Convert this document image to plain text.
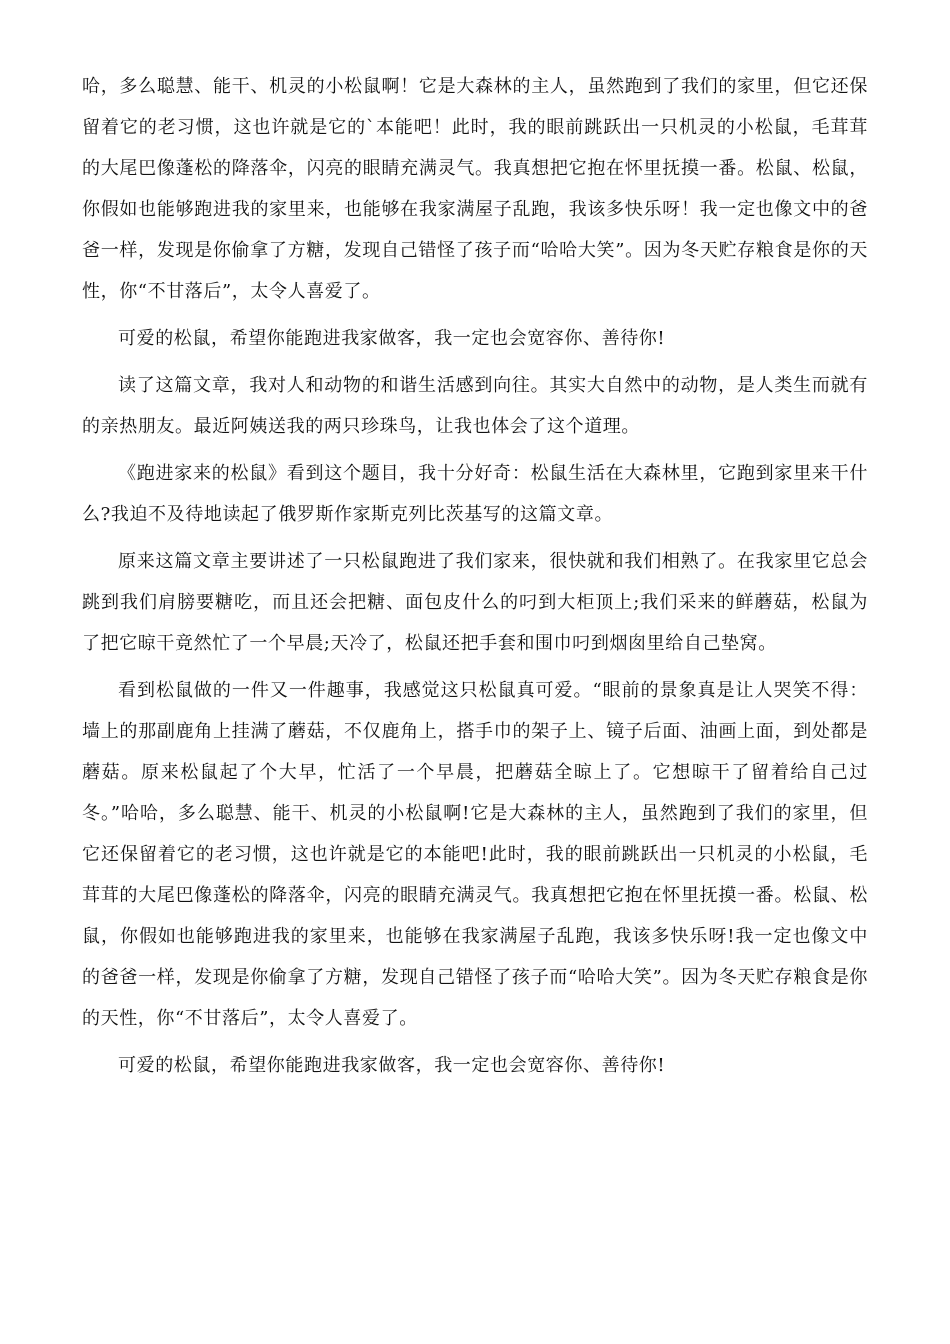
哈，多么聪慧、能干、机灵的小松鼠啊！它是大森林的主人，虽然跑到了我们的家里，但它还保留着它的老习惯，这也许就是它的`本能吧！此时，我的眼前跳跃出一只机灵的小松鼠，毛茸茸的大尾巴像蓬松的降落伞，闪亮的眼睛充满灵气。我真想把它抱在怀里抚摸一番。松鼠、松鼠，你假如也能够跑进我的家里来，也能够在我家满屋子乱跑，我该多快乐呀！我一定也像文中的爸爸一样，发现是你偷拿了方糖，发现自己错怪了孩子而“哈哈大笑”。因为冬天贮存粮食是你的天性，你“不甘落后”，太令人喜爱了。

可爱的松鼠，希望你能跑进我家做客，我一定也会宽容你、善待你!

读了这篇文章，我对人和动物的和谐生活感到向往。其实大自然中的动物，是人类生而就有的亲热朋友。最近阿姨送我的两只珍珠鸟，让我也体会了这个道理。

《跑进家来的松鼠》看到这个题目，我十分好奇：松鼠生活在大森林里，它跑到家里来干什么?我迫不及待地读起了俄罗斯作家斯克列比茨基写的这篇文章。

原来这篇文章主要讲述了一只松鼠跑进了我们家来，很快就和我们相熟了。在我家里它总会跳到我们肩膀要糖吃，而且还会把糖、面包皮什么的叼到大柜顶上;我们采来的鲜蘑菇，松鼠为了把它晾干竟然忙了一个早晨;天冷了，松鼠还把手套和围巾叼到烟囱里给自己垫窝。

看到松鼠做的一件又一件趣事，我感觉这只松鼠真可爱。“眼前的景象真是让人哭笑不得：墙上的那副鹿角上挂满了蘑菇，不仅鹿角上，搭手巾的架子上、镜子后面、油画上面，到处都是蘑菇。原来松鼠起了个大早，忙活了一个早晨，把蘑菇全晾上了。它想晾干了留着给自己过冬。”哈哈，多么聪慧、能干、机灵的小松鼠啊!它是大森林的主人，虽然跑到了我们的家里，但它还保留着它的老习惯，这也许就是它的本能吧!此时，我的眼前跳跃出一只机灵的小松鼠，毛茸茸的大尾巴像蓬松的降落伞，闪亮的眼睛充满灵气。我真想把它抱在怀里抚摸一番。松鼠、松鼠，你假如也能够跑进我的家里来，也能够在我家满屋子乱跑，我该多快乐呀!我一定也像文中的爸爸一样，发现是你偷拿了方糖，发现自己错怪了孩子而“哈哈大笑”。因为冬天贮存粮食是你的天性，你“不甘落后”，太令人喜爱了。

可爱的松鼠，希望你能跑进我家做客，我一定也会宽容你、善待你!
